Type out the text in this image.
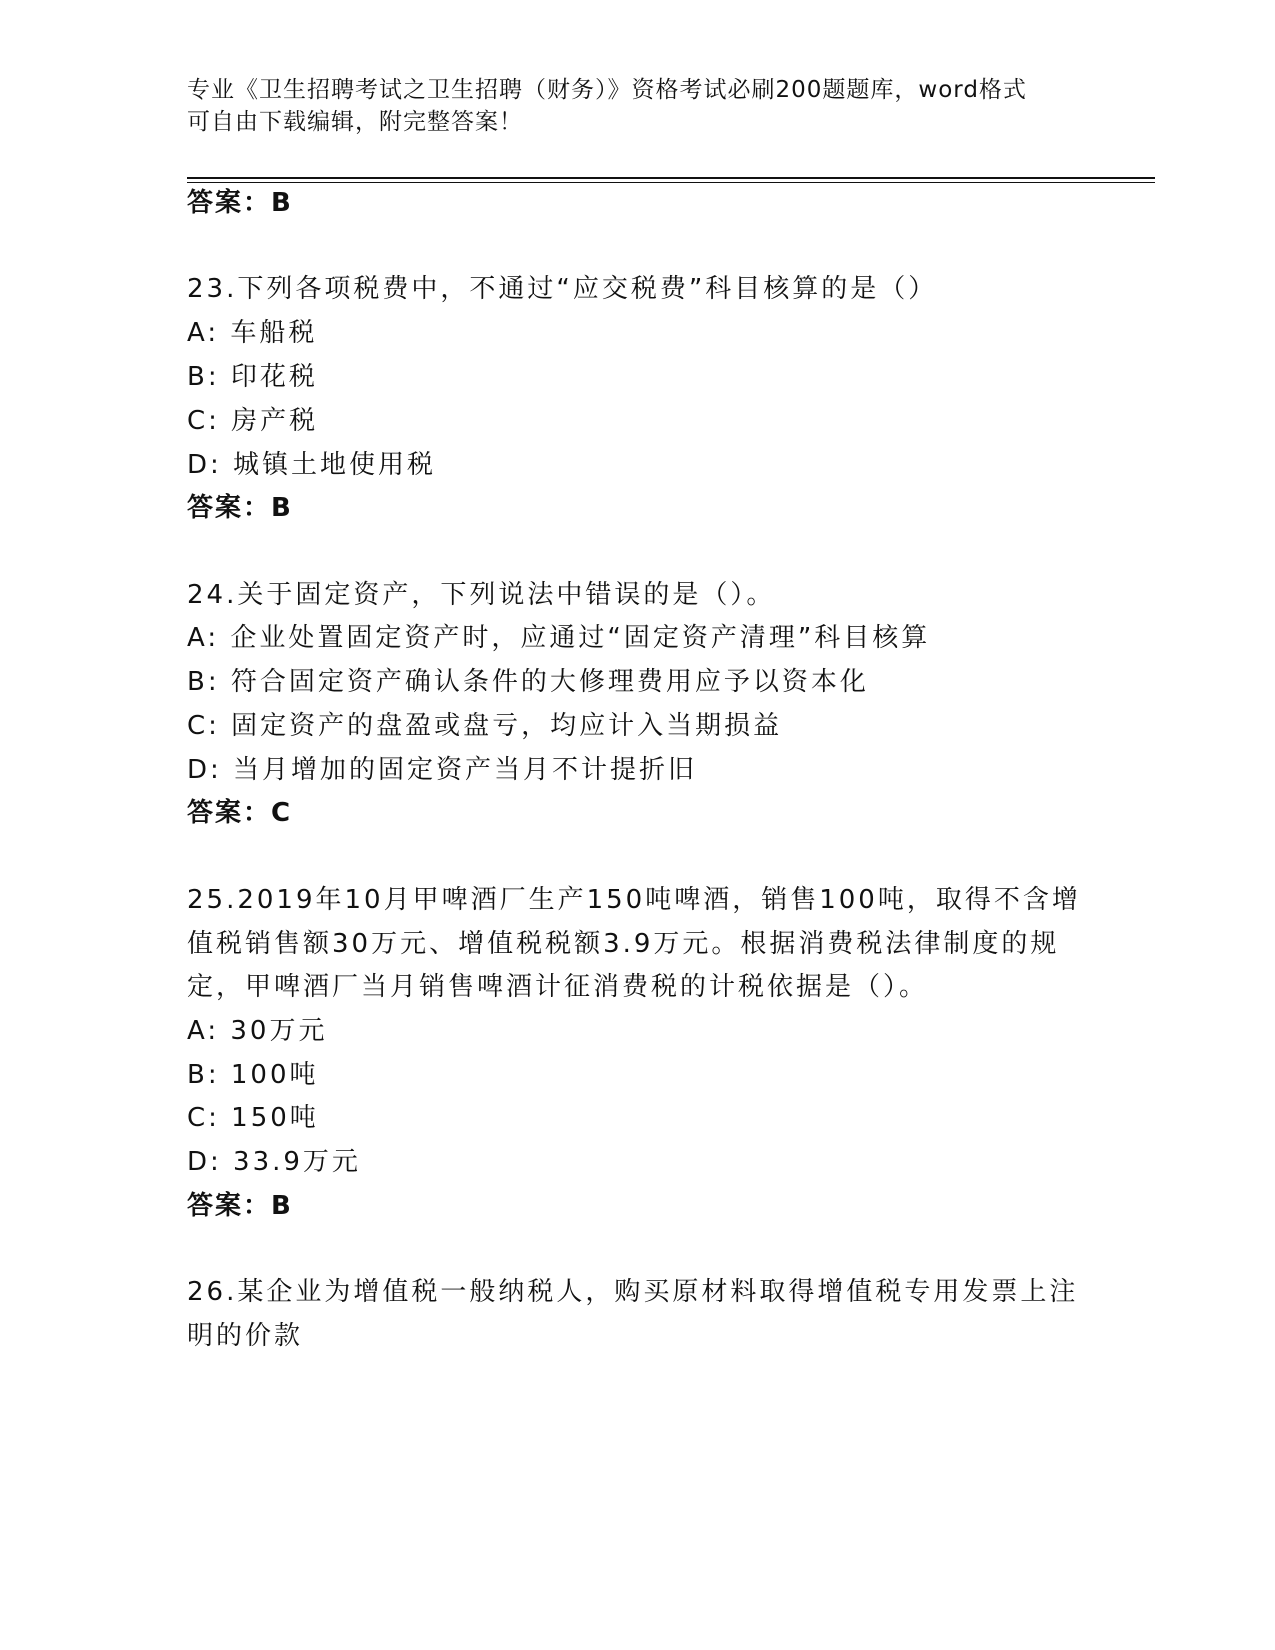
专业《卫生招聘考试之卫生招聘（财务）》资格考试必刷200题题库，word格式
可自由下载编辑，附完整答案！
答案：B
23.下列各项税费中，不通过“应交税费”科目核算的是（）
A: 车船税
B: 印花税
C: 房产税
D: 城镇土地使用税
答案：B
24.关于固定资产，下列说法中错误的是（）。
A: 企业处置固定资产时，应通过“固定资产清理”科目核算
B: 符合固定资产确认条件的大修理费用应予以资本化
C: 固定资产的盘盈或盘亏，均应计入当期损益
D: 当月增加的固定资产当月不计提折旧
答案：C
25.2019年10月甲啤酒厂生产150吨啤酒，销售100吨，取得不含增
值税销售额30万元、增值税税额3.9万元。根据消费税法律制度的规
定，甲啤酒厂当月销售啤酒计征消费税的计税依据是（）。
A: 30万元
B: 100吨
C: 150吨
D: 33.9万元
答案：B
26.某企业为增值税一般纳税人，购买原材料取得增值税专用发票上注
明的价款
